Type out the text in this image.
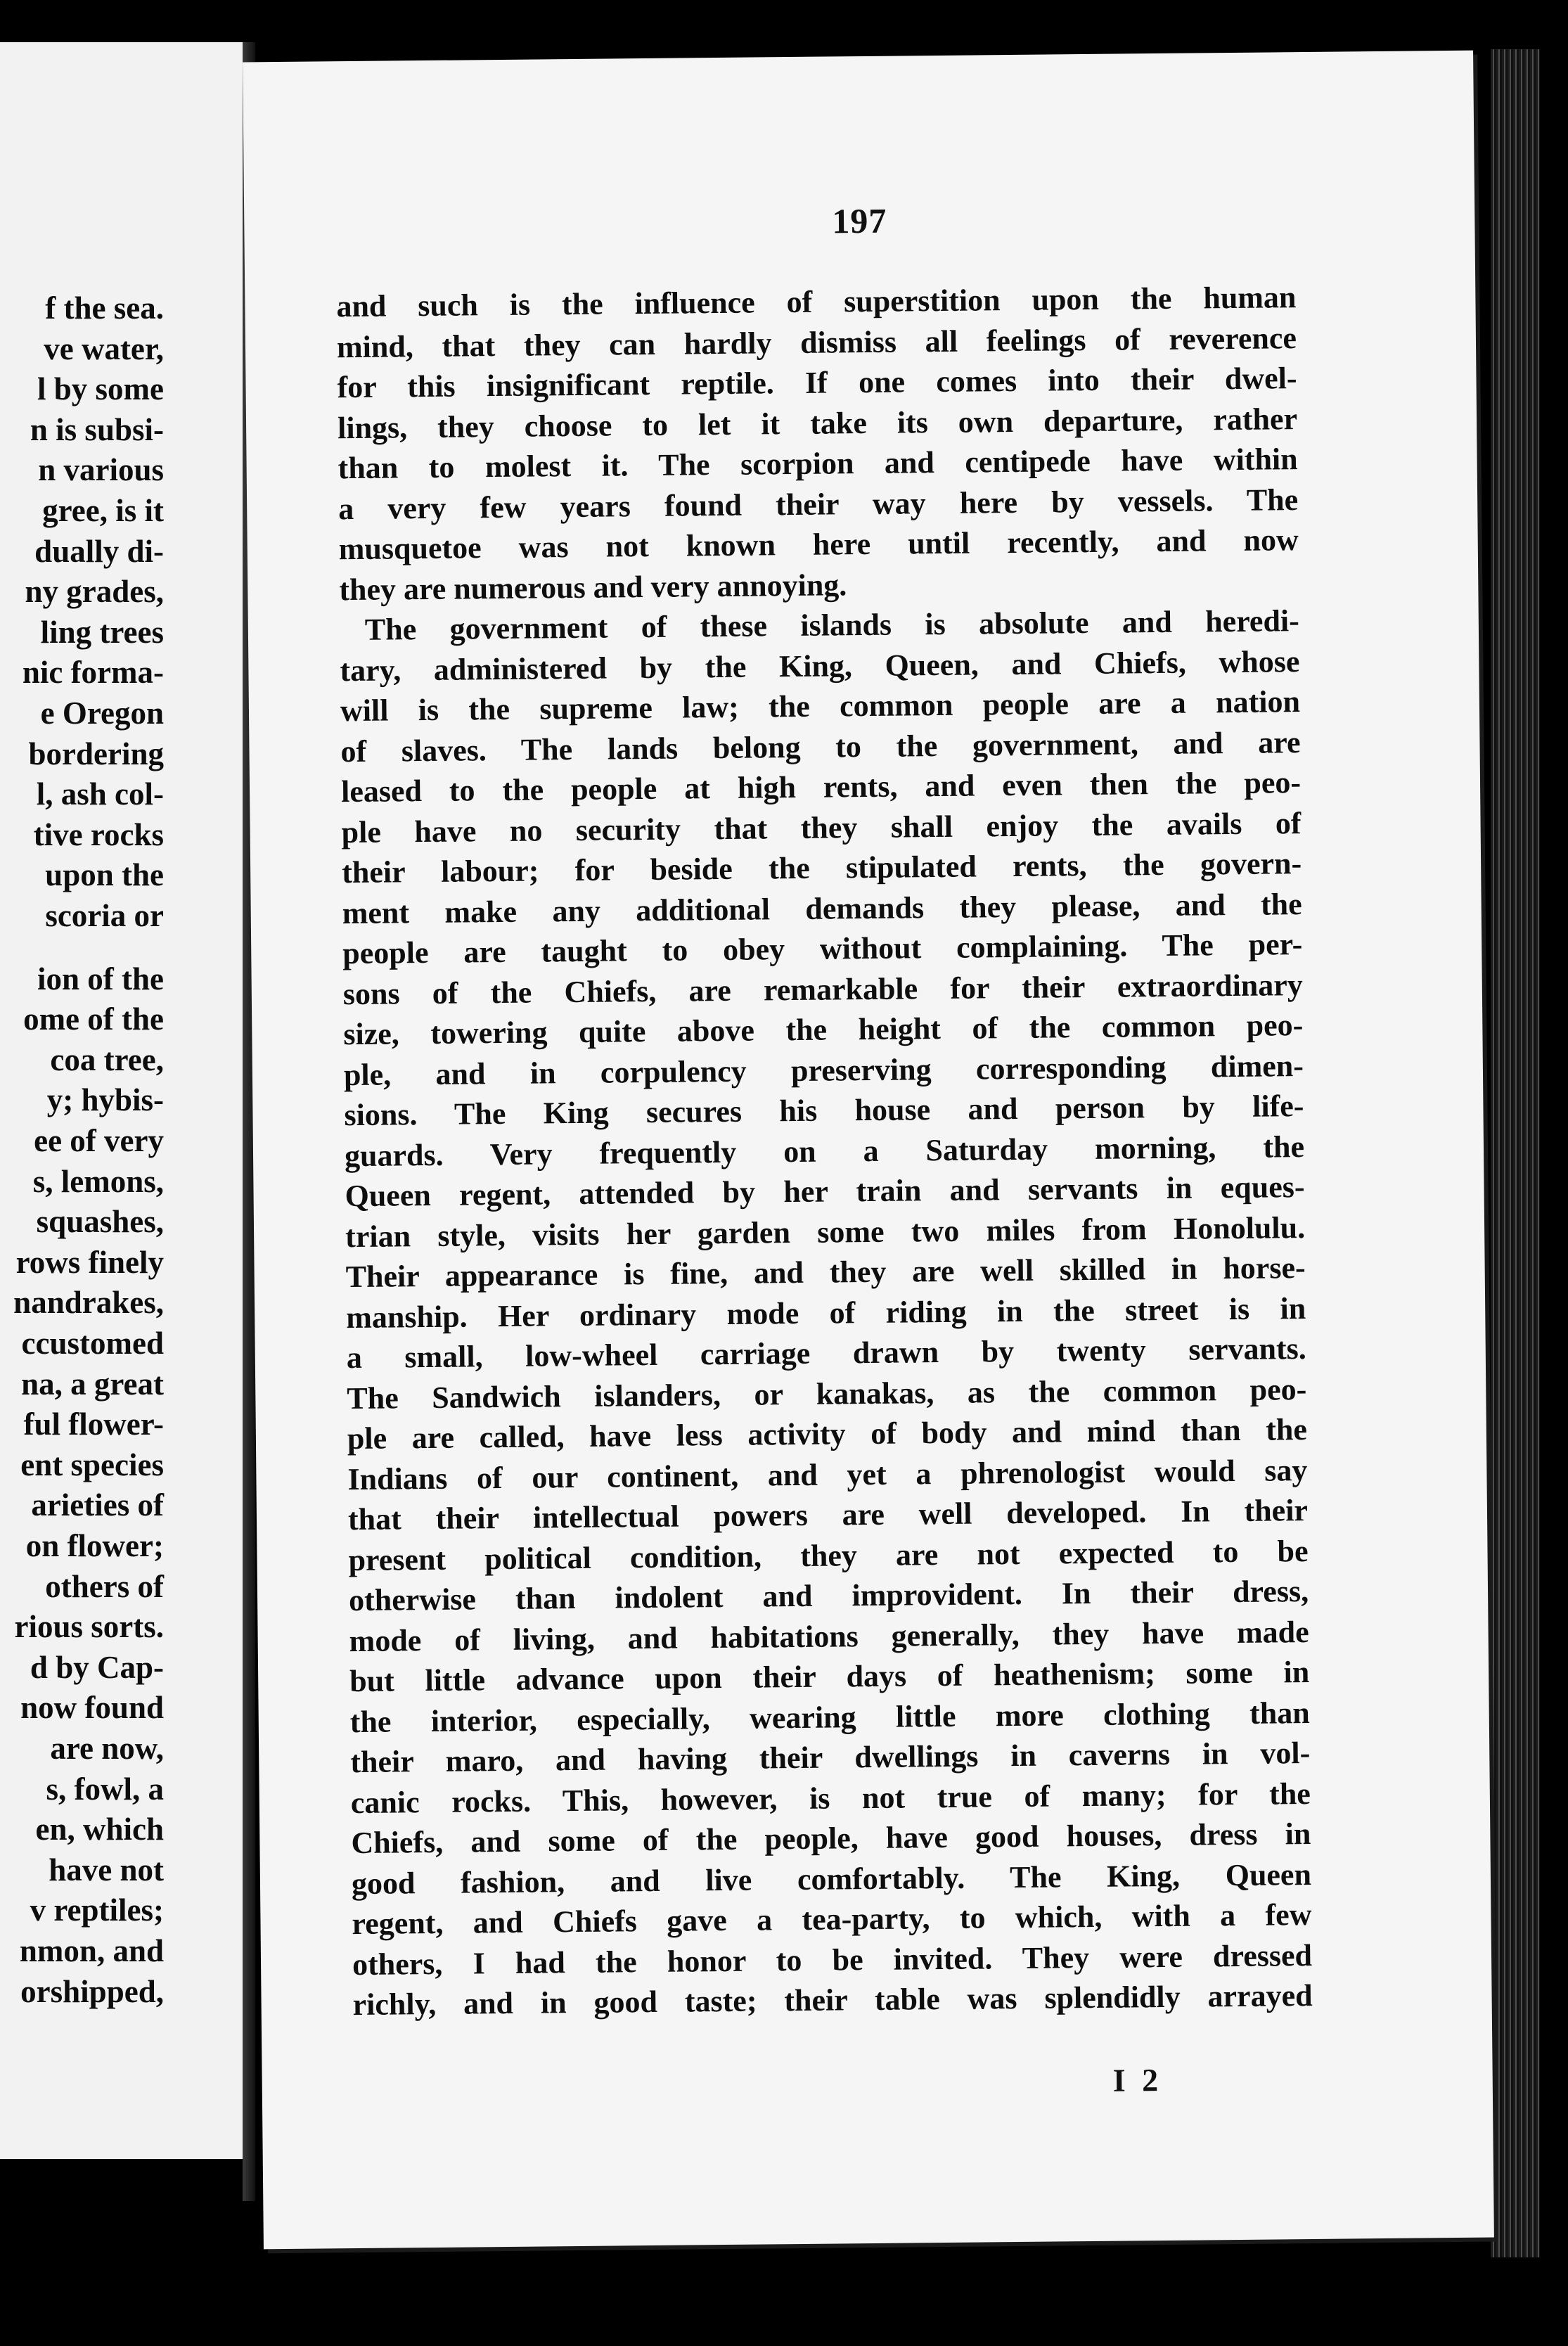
f the sea.
ve water,
l by some
n is subsi-
n various
gree, is it
dually di-
ny grades,
ling trees
nic forma-
e Oregon
bordering
l, ash col-
tive rocks
upon the
scoria or
ion of the
ome of the
coa tree,
y; hybis-
ee of very
s, lemons,
squashes,
rows finely
nandrakes,
ccustomed
na, a great
ful flower-
ent species
arieties of
on flower;
others of
rious sorts.
d by Cap-
now found
are now,
s, fowl, a
en, which
have not
v reptiles;
nmon, and
orshipped,
197
and such is the influence of superstition upon the human
mind, that they can hardly dismiss all feelings of reverence
for this insignificant reptile. If one comes into their dwel-
lings, they choose to let it take its own departure, rather
than to molest it. The scorpion and centipede have within
a very few years found their way here by vessels. The
musquetoe was not known here until recently, and now
they are numerous and very annoying.
The government of these islands is absolute and heredi-
tary, administered by the King, Queen, and Chiefs, whose
will is the supreme law; the common people are a nation
of slaves. The lands belong to the government, and are
leased to the people at high rents, and even then the peo-
ple have no security that they shall enjoy the avails of
their labour; for beside the stipulated rents, the govern-
ment make any additional demands they please, and the
people are taught to obey without complaining. The per-
sons of the Chiefs, are remarkable for their extraordinary
size, towering quite above the height of the common peo-
ple, and in corpulency preserving corresponding dimen-
sions. The King secures his house and person by life-
guards. Very frequently on a Saturday morning, the
Queen regent, attended by her train and servants in eques-
trian style, visits her garden some two miles from Honolulu.
Their appearance is fine, and they are well skilled in horse-
manship. Her ordinary mode of riding in the street is in
a small, low-wheel carriage drawn by twenty servants.
The Sandwich islanders, or kanakas, as the common peo-
ple are called, have less activity of body and mind than the
Indians of our continent, and yet a phrenologist would say
that their intellectual powers are well developed. In their
present political condition, they are not expected to be
otherwise than indolent and improvident. In their dress,
mode of living, and habitations generally, they have made
but little advance upon their days of heathenism; some in
the interior, especially, wearing little more clothing than
their maro, and having their dwellings in caverns in vol-
canic rocks. This, however, is not true of many; for the
Chiefs, and some of the people, have good houses, dress in
good fashion, and live comfortably. The King, Queen
regent, and Chiefs gave a tea-party, to which, with a few
others, I had the honor to be invited. They were dressed
richly, and in good taste; their table was splendidly arrayed
I 2
